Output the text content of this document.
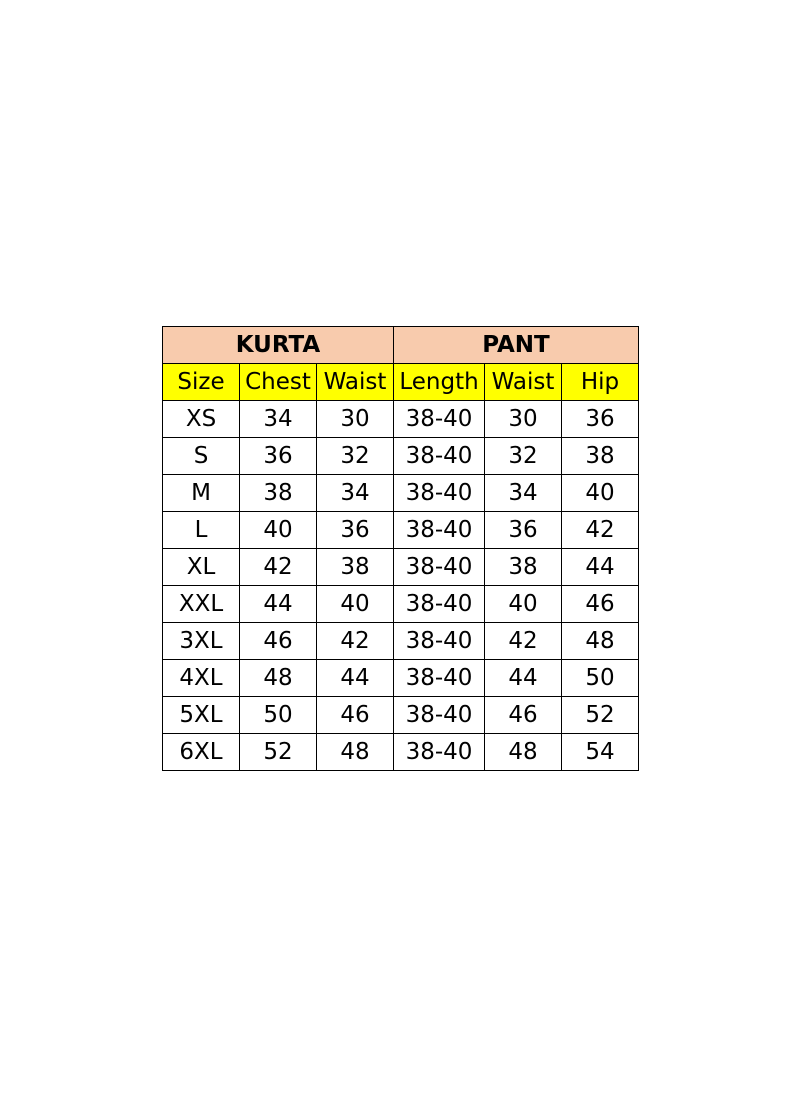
KURTA			PANT		
Size	Chest	Waist	Length	Waist	Hip
XS	34	30	38-40	30	36
S	36	32	38-40	32	38
M	38	34	38-40	34	40
L	40	36	38-40	36	42
XL	42	38	38-40	38	44
XXL	44	40	38-40	40	46
3XL	46	42	38-40	42	48
4XL	48	44	38-40	44	50
5XL	50	46	38-40	46	52
6XL	52	48	38-40	48	54
